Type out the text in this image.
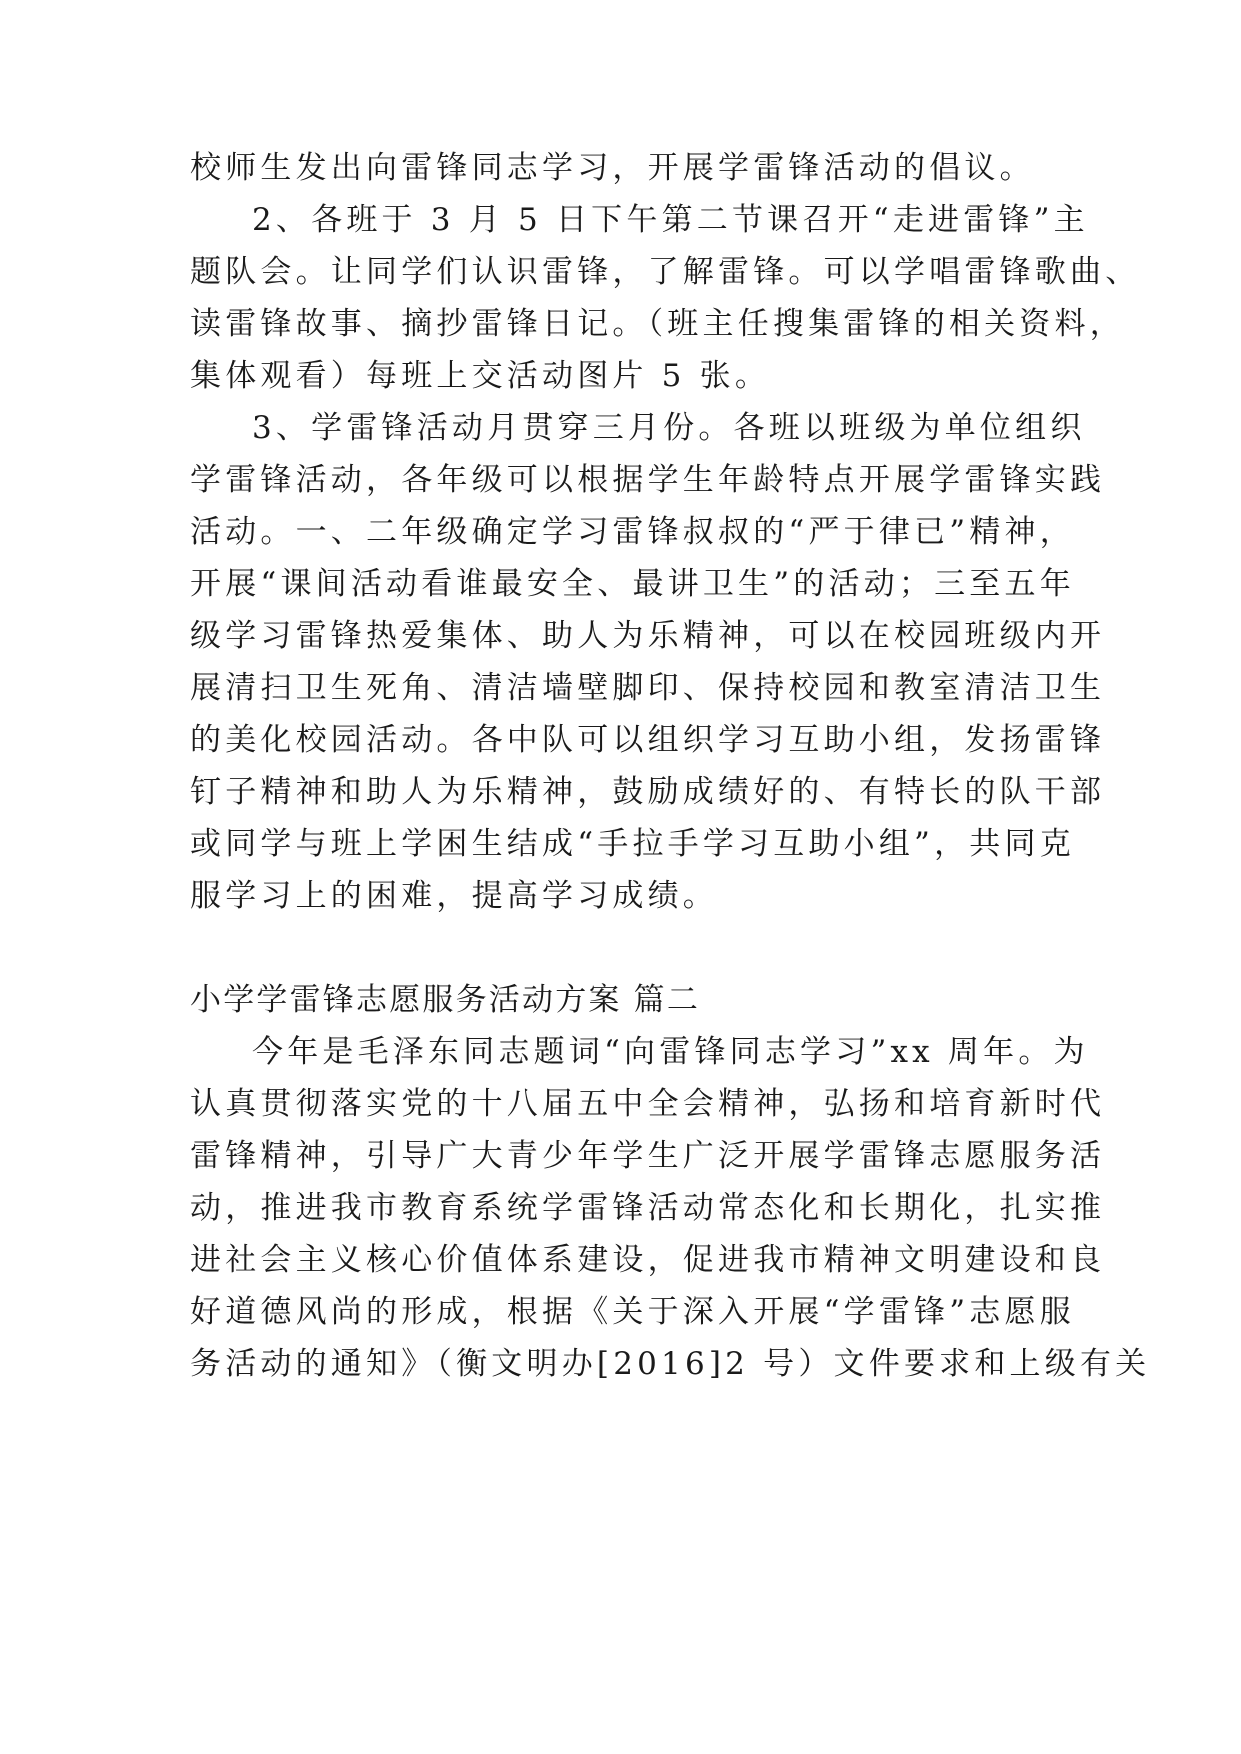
校师生发出向雷锋同志学习，开展学雷锋活动的倡议。
2、各班于 3 月 5 日下午第二节课召开“走进雷锋”主
题队会。让同学们认识雷锋，了解雷锋。可以学唱雷锋歌曲、
读雷锋故事、摘抄雷锋日记。（班主任搜集雷锋的相关资料，
集体观看）每班上交活动图片 5 张。
3、学雷锋活动月贯穿三月份。各班以班级为单位组织
学雷锋活动，各年级可以根据学生年龄特点开展学雷锋实践
活动。一、二年级确定学习雷锋叔叔的“严于律已”精神，
开展“课间活动看谁最安全、最讲卫生”的活动；三至五年
级学习雷锋热爱集体、助人为乐精神，可以在校园班级内开
展清扫卫生死角、清洁墙壁脚印、保持校园和教室清洁卫生
的美化校园活动。各中队可以组织学习互助小组，发扬雷锋
钉子精神和助人为乐精神，鼓励成绩好的、有特长的队干部
或同学与班上学困生结成“手拉手学习互助小组”，共同克
服学习上的困难，提高学习成绩。
小学学雷锋志愿服务活动方案 篇二
今年是毛泽东同志题词“向雷锋同志学习”xx 周年。为
认真贯彻落实党的十八届五中全会精神，弘扬和培育新时代
雷锋精神，引导广大青少年学生广泛开展学雷锋志愿服务活
动，推进我市教育系统学雷锋活动常态化和长期化，扎实推
进社会主义核心价值体系建设，促进我市精神文明建设和良
好道德风尚的形成，根据《关于深入开展“学雷锋”志愿服
务活动的通知》（衡文明办[2016]2 号）文件要求和上级有关
